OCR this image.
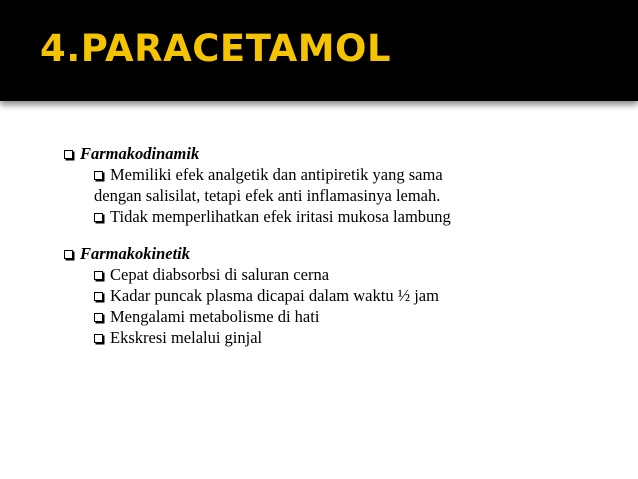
4.PARACETAMOL
Farmakodinamik
Memiliki efek analgetik dan antipiretik yang sama
dengan salisilat, tetapi efek anti inflamasinya lemah.
Tidak memperlihatkan efek iritasi mukosa lambung
Farmakokinetik
Cepat diabsorbsi di saluran cerna
Kadar puncak plasma dicapai dalam waktu ½ jam
Mengalami metabolisme di hati
Ekskresi melalui ginjal
